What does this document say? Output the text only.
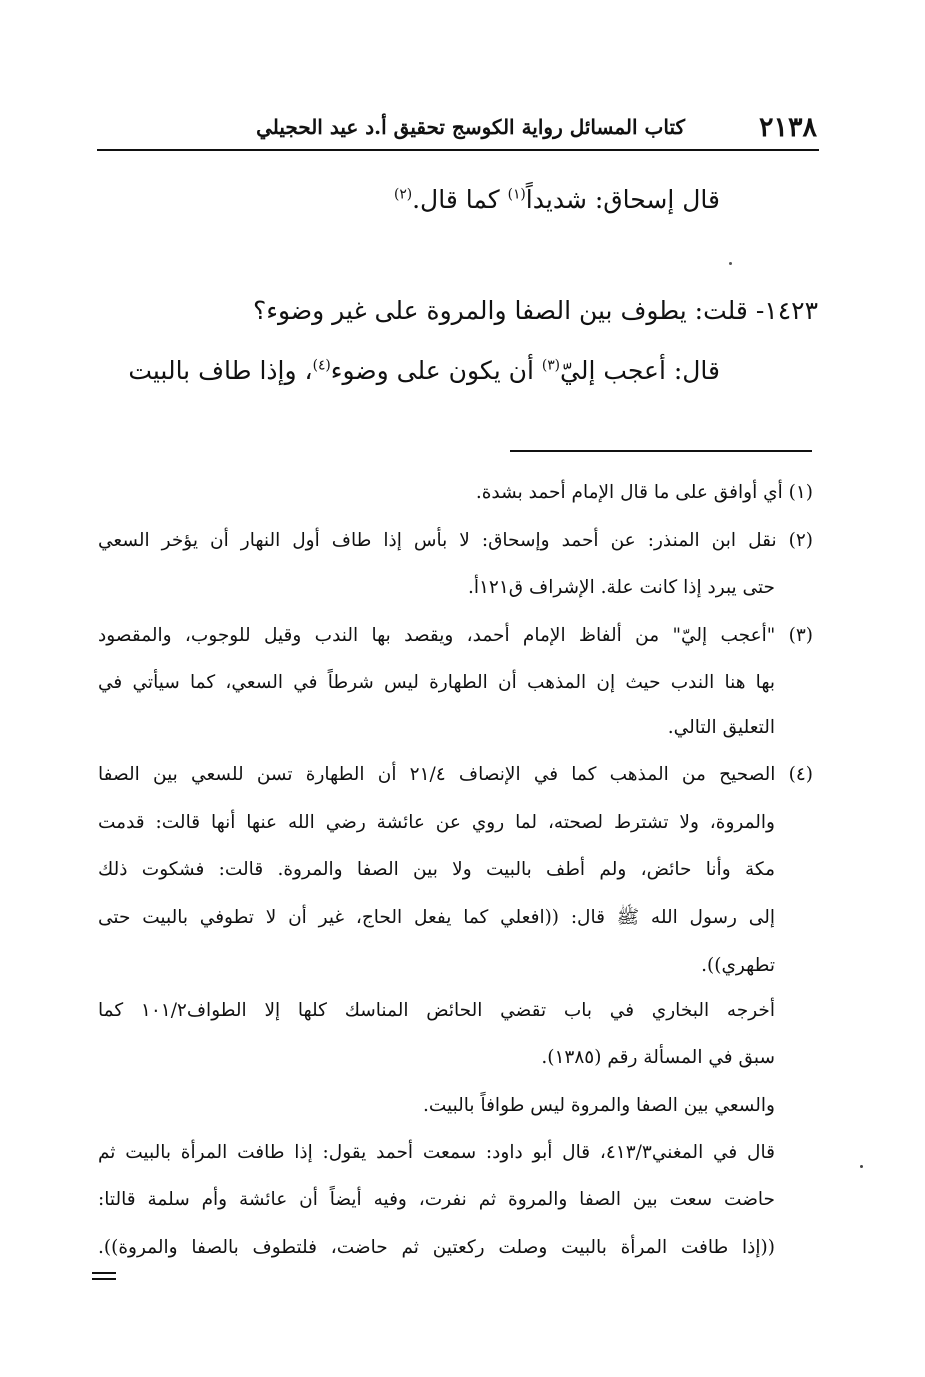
٢١٣٨
كتاب المسائل رواية الكوسج تحقيق أ.د عيد الحجيلي
قال إسحاق: شديداً$^{(١)}$ كما قال.$^{(٢)}$
١٤٢٣- قلت: يطوف بين الصفا والمروة على غير وضوء؟
قال: أعجب إليّ$^{(٣)}$ أن يكون على وضوء$^{(٤)}$، وإذا طاف بالبيت
(١) أي أوافق على ما قال الإمام أحمد بشدة.
(٢) نقل ابن المنذر: عن أحمد وإسحاق: لا بأس إذا طاف أول النهار أن يؤخر السعي
حتى يبرد إذا كانت علة. الإشراف ق١٢١أ.
(٣) "أعجب إليّ" من ألفاظ الإمام أحمد، ويقصد بها الندب وقيل للوجوب، والمقصود
بها هنا الندب حيث إن المذهب أن الطهارة ليس شرطاً في السعي، كما سيأتي في
التعليق التالي.
(٤) الصحيح من المذهب كما في الإنصاف ٢١/٤ أن الطهارة تسن للسعي بين الصفا
والمروة، ولا تشترط لصحته، لما روي عن عائشة رضي الله عنها أنها قالت: قدمت
مكة وأنا حائض، ولم أطف بالبيت ولا بين الصفا والمروة. قالت: فشكوت ذلك
إلى رسول الله ﷺ قال: ((افعلي كما يفعل الحاج، غير أن لا تطوفي بالبيت حتى
تطهري)).
أخرجه البخاري في باب تقضي الحائض المناسك كلها إلا الطواف١٠١/٢ كما
سبق في المسألة رقم (١٣٨٥).
والسعي بين الصفا والمروة ليس طوافاً بالبيت.
قال في المغني٤١٣/٣، قال أبو داود: سمعت أحمد يقول: إذا طافت المرأة بالبيت ثم
حاضت سعت بين الصفا والمروة ثم نفرت، وفيه أيضاً أن عائشة وأم سلمة قالتا:
((إذا طافت المرأة بالبيت وصلت ركعتين ثم حاضت، فلتطوف بالصفا والمروة)).
